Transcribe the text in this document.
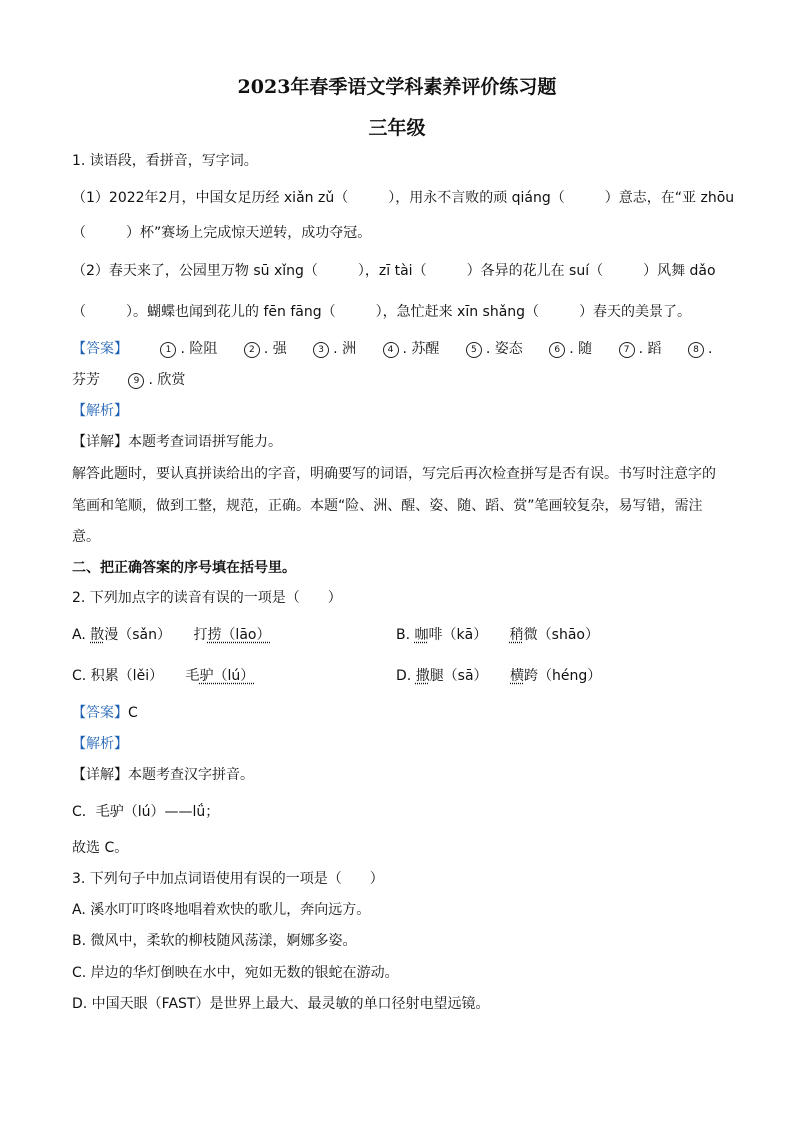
2023年春季语文学科素养评价练习题
三年级
1. 读语段，看拼音，写字词。
（1）2022年2月，中国女足历经 xiǎn zǔ（	），用永不言败的顽 qiáng（	）意志，在“亚 zhōu
（	）杯”赛场上完成惊天逆转，成功夺冠。
（2）春天来了，公园里万物 sū xǐng（	），zī tài（	）各异的花儿在 suí（	）风舞 dǎo
（	）。蝴蝶也闻到花儿的 fēn fāng（	），急忙赶来 xīn shǎng（	）春天的美景了。
【答案】	1 . 险阻	2 . 强	3 . 洲	4 . 苏醒	5 . 姿态	6 . 随	7 . 蹈	8 .
芬芳	9 . 欣赏
【解析】
【详解】本题考查词语拼写能力。
解答此题时，要认真拼读给出的字音，明确要写的词语，写完后再次检查拼写是否有误。书写时注意字的
笔画和笔顺，做到工整，规范，正确。本题“险、洲、醒、姿、随、蹈、赏”笔画较复杂，易写错，需注
意。
二、把正确答案的序号填在括号里。
2. 下列加点字的读音有误的一项是（　　）
A. 散漫（sǎn） 打捞（lāo）	B. 咖啡（kā） 稍微（shāo）
C. 积累（lěi） 毛驴（lú）	D. 撒腿（sā） 横跨（héng）
【答案】C
【解析】
【详解】本题考查汉字拼音。
C．毛驴（lú）——lǘ；
故选 C。
3. 下列句子中加点词语使用有误的一项是（　　）
A. 溪水叮叮咚咚地唱着欢快的歌儿，奔向远方。
B. 微风中，柔软的柳枝随风荡漾，婀娜多姿。
C. 岸边的华灯倒映在水中，宛如无数的银蛇在游动。
D. 中国天眼（FAST）是世界上最大、最灵敏的单口径射电望远镜。
